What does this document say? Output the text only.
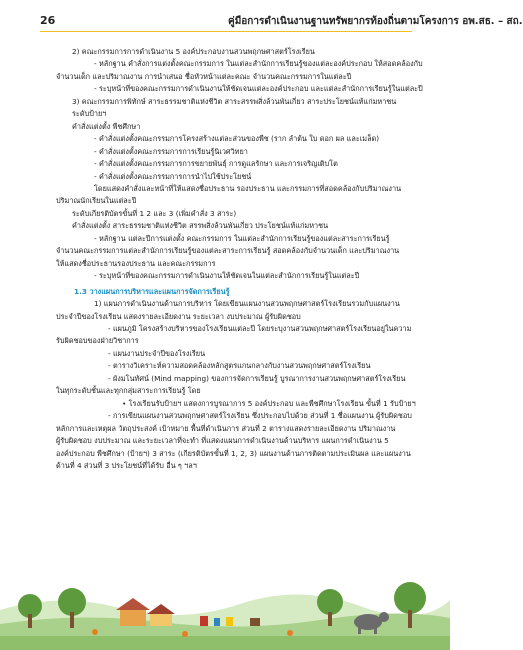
26	คู่มือการดำเนินงานฐานทรัพยากรท้องถิ่นตามโครงการ อพ.สธ. – สถ.
2) คณะกรรมการการดำเนินงาน 5 องค์ประกอบงานสวนพฤกษศาสตร์โรงเรียน
- หลักฐาน คำสั่งการแต่งตั้งคณะกรรมการ ในแต่ละสำนักการเรียนรู้ของแต่ละองค์ประกอบ ให้สอดคล้องกับ
จำนวนเด็ก และปริมาณงาน การนำเสนอ ชื่อหัวหน้าแต่ละคณะ จำนวนคณะกรรมการในแต่ละปี
- ระบุหน้าที่ของคณะกรรมการดำเนินงานให้ชัดเจนแต่ละองค์ประกอบ และแต่ละสำนักการเรียนรู้ในแต่ละปี
3) คณะกรรมการพิทักษ์ สาระธรรมชาติแห่งชีวิต สาระสรรพสิ่งล้วนพันเกี่ยว สาระประโยชน์แท้แก่มหาชน
ระดับป้ายฯ
คำสั่งแต่งตั้ง พืชศึกษา
- คำสั่งแต่งตั้งคณะกรรมการโครงสร้างแต่ละส่วนของพืช (ราก ลำต้น ใบ ดอก ผล และเมล็ด)
- คำสั่งแต่งตั้งคณะกรรมการการเรียนรู้นิเวศวิทยา
- คำสั่งแต่งตั้งคณะกรรมการการขยายพันธุ์ การดูแลรักษา และการเจริญเติบโต
- คำสั่งแต่งตั้งคณะกรรมการการนำไปใช้ประโยชน์
โดยแสดงคำสั่งและหน้าที่ให้แสดงชื่อประธาน รองประธาน และกรรมการที่สอดคล้องกับปริมาณงาน
ปริมาณนักเรียนในแต่ละปี
ระดับเกียรติบัตรขั้นที่ 1 2 และ 3 (เพิ่มคำสั่ง 3 สาระ)
คำสั่งแต่งตั้ง สาระธรรมชาติแห่งชีวิต สรรพสิ่งล้วนพันเกี่ยว ประโยชน์แท้แก่มหาชน
- หลักฐาน แต่ละปีการแต่งตั้ง คณะกรรมการ ในแต่ละสำนักการเรียนรู้ของแต่ละสาระการเรียนรู้
จำนวนคณะกรรมการแต่ละสำนักการเรียนรู้ของแต่ละสาระการเรียนรู้ สอดคล้องกับจำนวนเด็ก และปริมาณงาน
ให้แสดงชื่อประธานรองประธาน และคณะกรรมการ
- ระบุหน้าที่ของคณะกรรมการดำเนินงานให้ชัดเจนในแต่ละสำนักการเรียนรู้ในแต่ละปี
1.3 วางแผนการบริหารและแผนการจัดการเรียนรู้
1) แผนการดำเนินงานด้านการบริหาร โดยเขียนแผนงานสวนพฤกษศาสตร์โรงเรียนรวมกับแผนงาน
ประจำปีของโรงเรียน แสดงรายละเอียดงาน ระยะเวลา งบประมาณ ผู้รับผิดชอบ
- แผนภูมิ โครงสร้างบริหารของโรงเรียนแต่ละปี โดยระบุงานสวนพฤกษศาสตร์โรงเรียนอยู่ในความ
รับผิดชอบของฝ่ายวิชาการ
- แผนงานประจำปีของโรงเรียน
- ตารางวิเคราะห์ความสอดคล้องหลักสูตรแกนกลางกับงานสวนพฤกษศาสตร์โรงเรียน
- ผังมโนทัศน์ (Mind mapping) ของการจัดการเรียนรู้ บูรณาการงานสวนพฤกษศาสตร์โรงเรียน
ในทุกระดับชั้นและทุกกลุ่มสาระการเรียนรู้ โดย
• โรงเรียนรับป้ายฯ แสดงการบูรณาการ 5 องค์ประกอบ และพืชศึกษาโรงเรียน ขั้นที่ 1 รับป้ายฯ
- การเขียนแผนงานสวนพฤกษศาสตร์โรงเรียน ซึ่งประกอบไปด้วย ส่วนที่ 1 ชื่อแผนงาน ผู้รับผิดชอบ
หลักการและเหตุผล วัตถุประสงค์ เป้าหมาย พื้นที่ดำเนินการ ส่วนที่ 2 ตารางแสดงรายละเอียดงาน ปริมาณงาน
ผู้รับผิดชอบ งบประมาณ และระยะเวลาที่จะทำ ที่แสดงแผนการดำเนินงานด้านบริหาร แผนการดำเนินงาน 5
องค์ประกอบ พืชศึกษา (ป้ายฯ) 3 สาระ (เกียรติบัตรขั้นที่ 1, 2, 3) แผนงานด้านการติดตามประเมินผล และแผนงาน
ด้านที่ 4 ส่วนที่ 3 ประโยชน์ที่ได้รับ อื่น ๆ ฯลฯ
